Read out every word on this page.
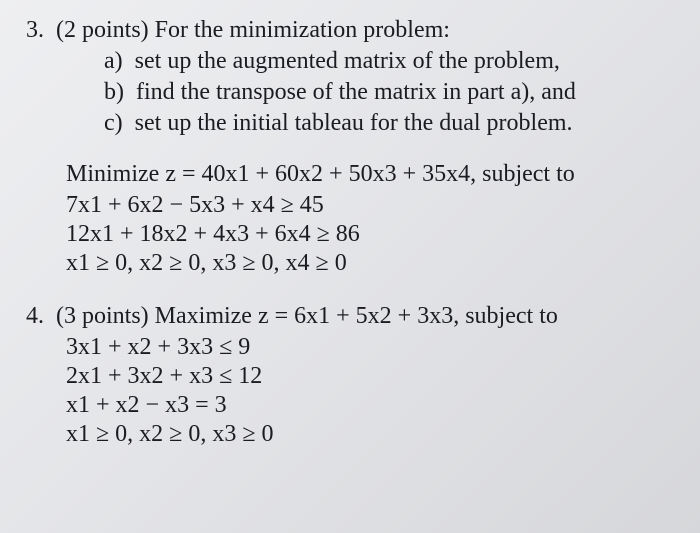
3. (2 points) For the minimization problem:
a) set up the augmented matrix of the problem,
b) find the transpose of the matrix in part a), and
c) set up the initial tableau for the dual problem.
Minimize z = 40x1 + 60x2 + 50x3 + 35x4, subject to
7x1 + 6x2 − 5x3 + x4 ≥ 45
12x1 + 18x2 + 4x3 + 6x4 ≥ 86
x1 ≥ 0, x2 ≥ 0, x3 ≥ 0, x4 ≥ 0
4. (3 points) Maximize z = 6x1 + 5x2 + 3x3, subject to
3x1 + x2 + 3x3 ≤ 9
2x1 + 3x2 + x3 ≤ 12
x1 + x2 − x3 = 3
x1 ≥ 0, x2 ≥ 0, x3 ≥ 0
